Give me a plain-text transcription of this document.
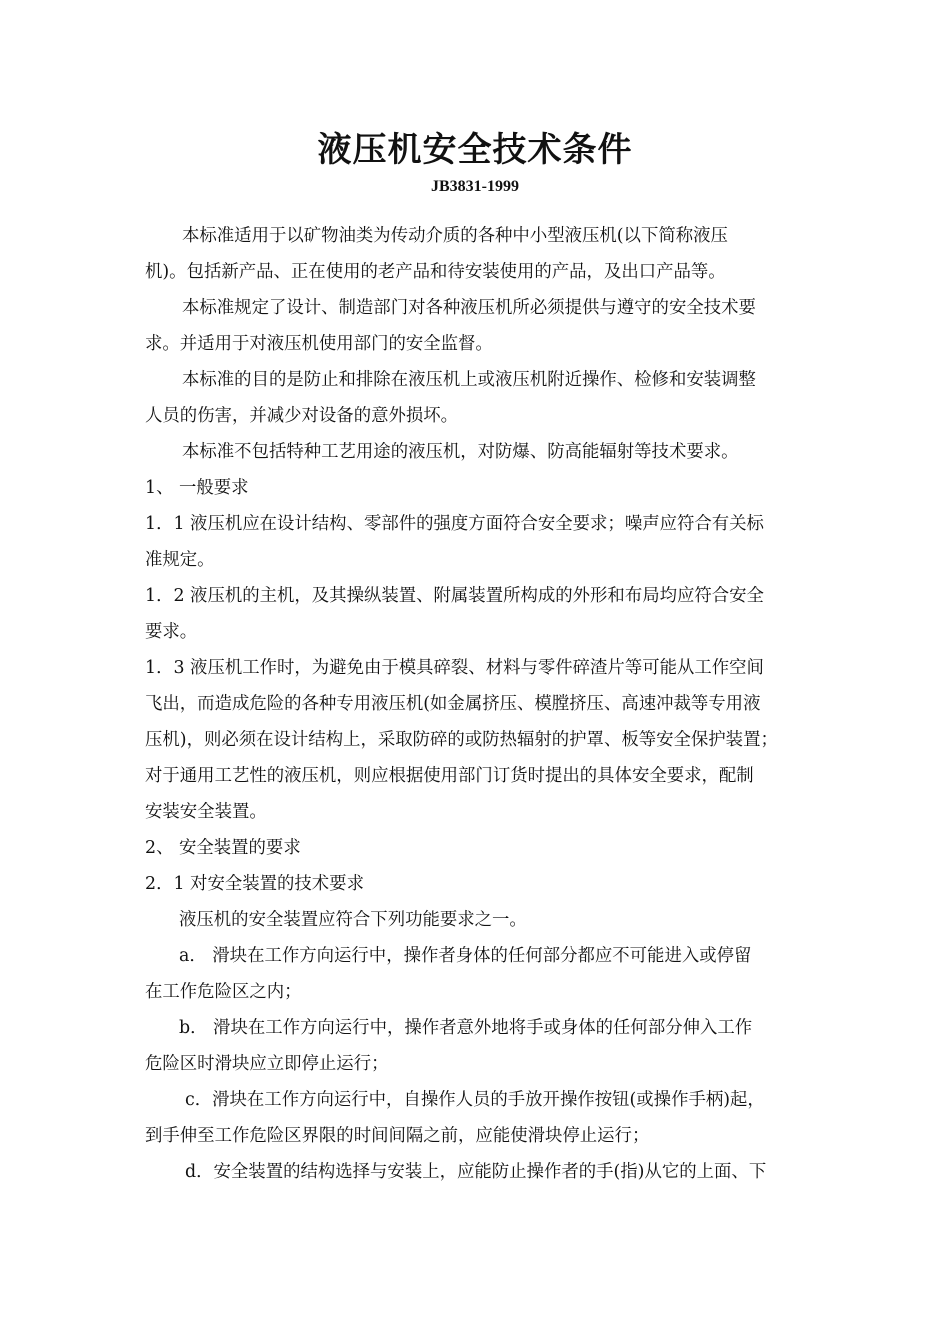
液压机安全技术条件
JB3831-1999
本标准适用于以矿物油类为传动介质的各种中小型液压机(以下简称液压
机)。包括新产品、正在使用的老产品和待安装使用的产品，及出口产品等。
本标准规定了设计、制造部门对各种液压机所必须提供与遵守的安全技术要
求。并适用于对液压机使用部门的安全监督。
本标准的目的是防止和排除在液压机上或液压机附近操作、检修和安装调整
人员的伤害，并减少对设备的意外损坏。
本标准不包括特种工艺用途的液压机，对防爆、防高能辐射等技术要求。
1、 一般要求
1．1 液压机应在设计结构、零部件的强度方面符合安全要求；噪声应符合有关标
准规定。
1．2 液压机的主机，及其操纵装置、附属装置所构成的外形和布局均应符合安全
要求。
1．3 液压机工作时，为避免由于模具碎裂、材料与零件碎渣片等可能从工作空间
飞出，而造成危险的各种专用液压机(如金属挤压、模膛挤压、高速冲裁等专用液
压机)，则必须在设计结构上，采取防碎的或防热辐射的护罩、板等安全保护装置；
对于通用工艺性的液压机，则应根据使用部门订货时提出的具体安全要求，配制
安装安全装置。
2、 安全装置的要求
2．1 对安全装置的技术要求
液压机的安全装置应符合下列功能要求之一。
a． 滑块在工作方向运行中，操作者身体的任何部分都应不可能进入或停留
在工作危险区之内；
b． 滑块在工作方向运行中，操作者意外地将手或身体的任何部分伸入工作
危险区时滑块应立即停止运行；
c．滑块在工作方向运行中，自操作人员的手放开操作按钮(或操作手柄)起，
到手伸至工作危险区界限的时间间隔之前，应能使滑块停止运行；
d．安全装置的结构选择与安装上，应能防止操作者的手(指)从它的上面、下
